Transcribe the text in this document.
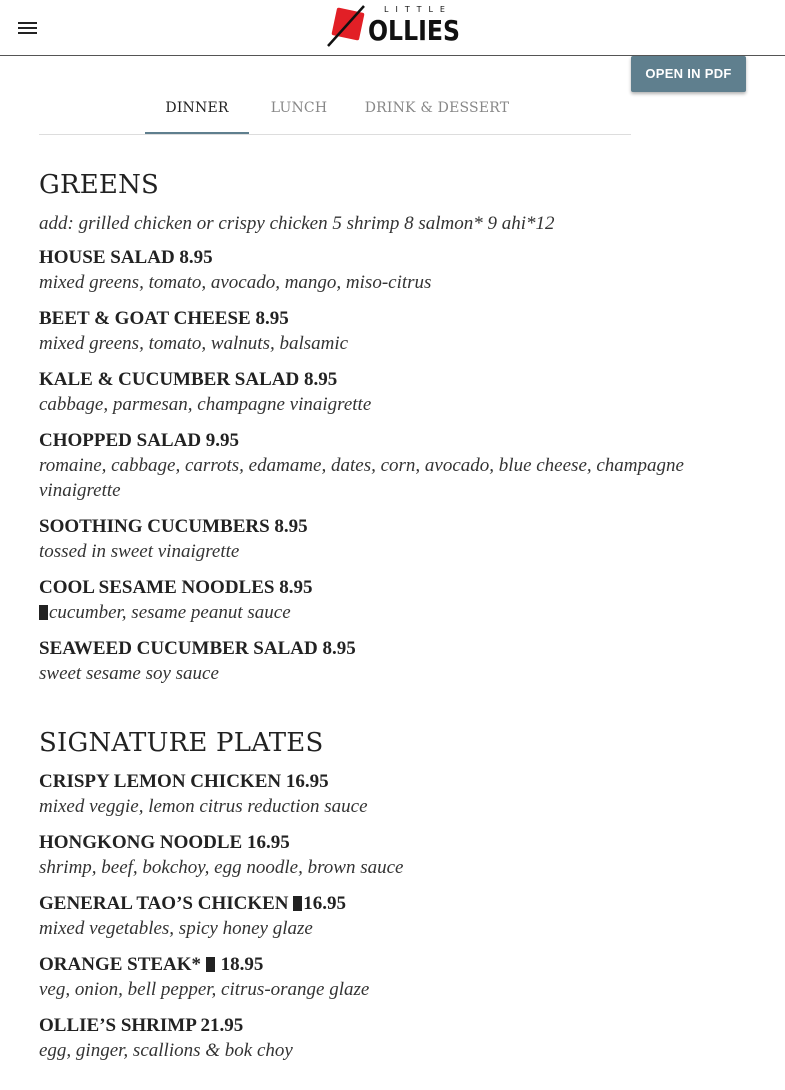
LITTLE
OLLIES
OPEN IN PDF
DINNER	LUNCH	DRINK & DESSERT
GREENS
add: grilled chicken or crispy chicken 5 shrimp 8 salmon* 9 ahi*12
HOUSE SALAD 8.95
mixed greens, tomato, avocado, mango, miso-citrus
BEET & GOAT CHEESE 8.95
mixed greens, tomato, walnuts, balsamic
KALE & CUCUMBER SALAD 8.95
cabbage, parmesan, champagne vinaigrette
CHOPPED SALAD 9.95
romaine, cabbage, carrots, edamame, dates, corn, avocado, blue cheese, champagne vinaigrette
SOOTHING CUCUMBERS 8.95
tossed in sweet vinaigrette
COOL SESAME NOODLES 8.95
cucumber, sesame peanut sauce
SEAWEED CUCUMBER SALAD 8.95
sweet sesame soy sauce
SIGNATURE PLATES
CRISPY LEMON CHICKEN 16.95
mixed veggie, lemon citrus reduction sauce
HONGKONG NOODLE 16.95
shrimp, beef, bokchoy, egg noodle, brown sauce
GENERAL TAO’S CHICKEN 16.95
mixed vegetables, spicy honey glaze
ORANGE STEAK*  18.95
veg, onion, bell pepper, citrus-orange glaze
OLLIE’S SHRIMP 21.95
egg, ginger, scallions & bok choy
